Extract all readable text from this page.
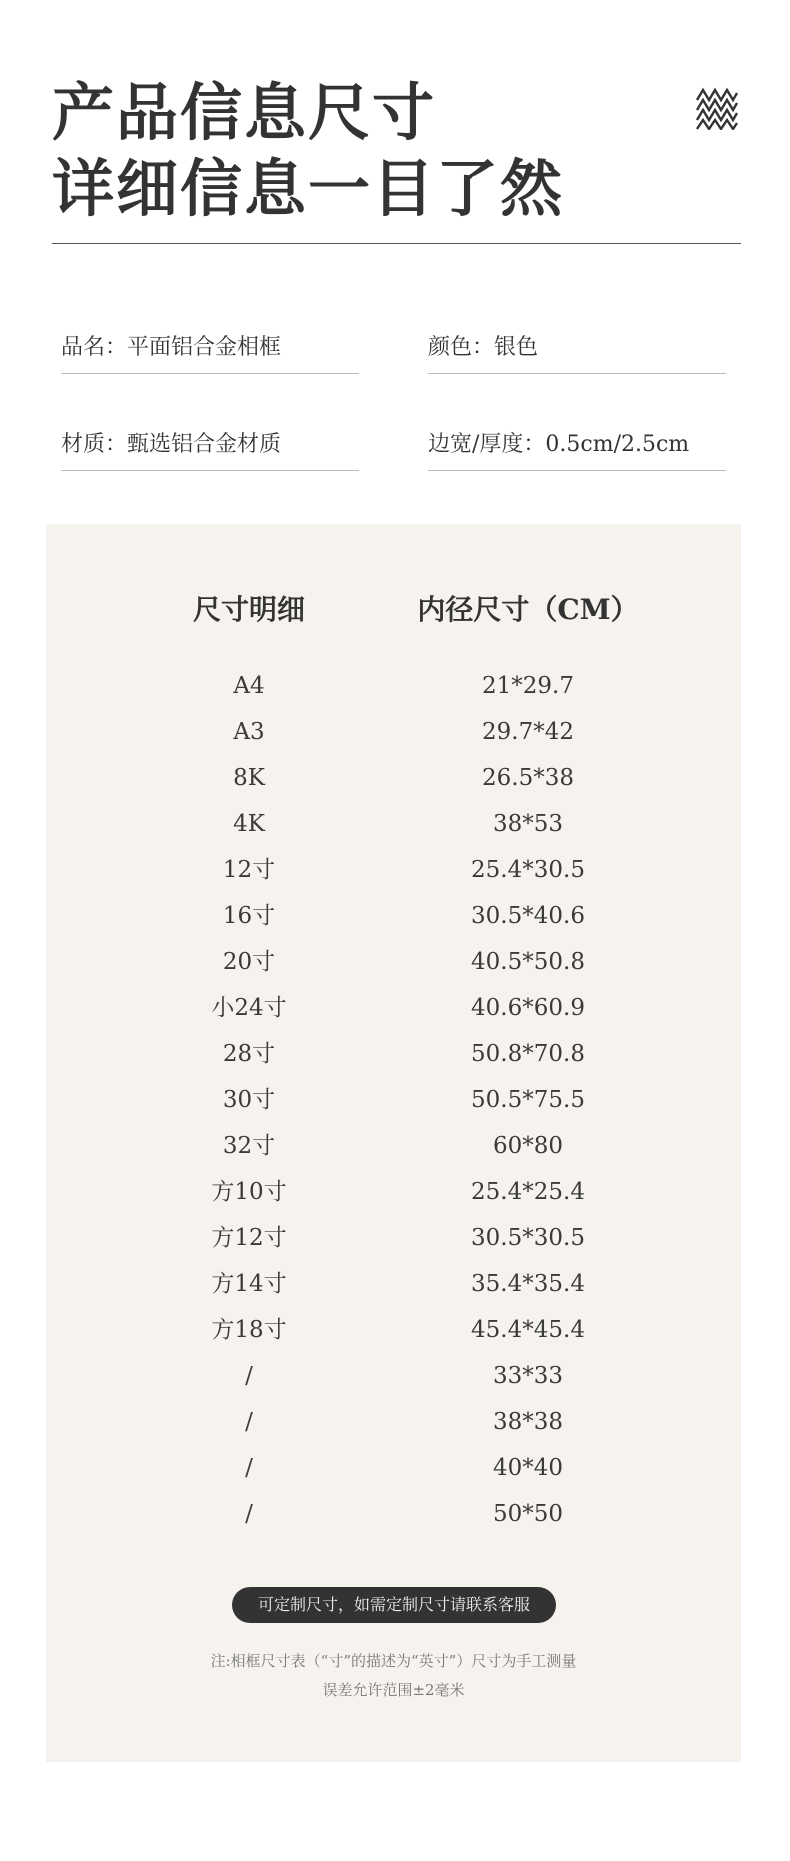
产品信息尺寸
详细信息一目了然
品名：平面铝合金相框	颜色：银色
材质：甄选铝合金材质	边宽/厚度：0.5cm/2.5cm
尺寸明细	内径尺寸（CM）
A4	21*29.7
A3	29.7*42
8K	26.5*38
4K	38*53
12寸	25.4*30.5
16寸	30.5*40.6
20寸	40.5*50.8
小24寸	40.6*60.9
28寸	50.8*70.8
30寸	50.5*75.5
32寸	60*80
方10寸	25.4*25.4
方12寸	30.5*30.5
方14寸	35.4*35.4
方18寸	45.4*45.4
/	33*33
/	38*38
/	40*40
/	50*50
可定制尺寸，如需定制尺寸请联系客服
注:相框尺寸表（“寸”的描述为“英寸”）尺寸为手工测量
误差允许范围±2毫米
